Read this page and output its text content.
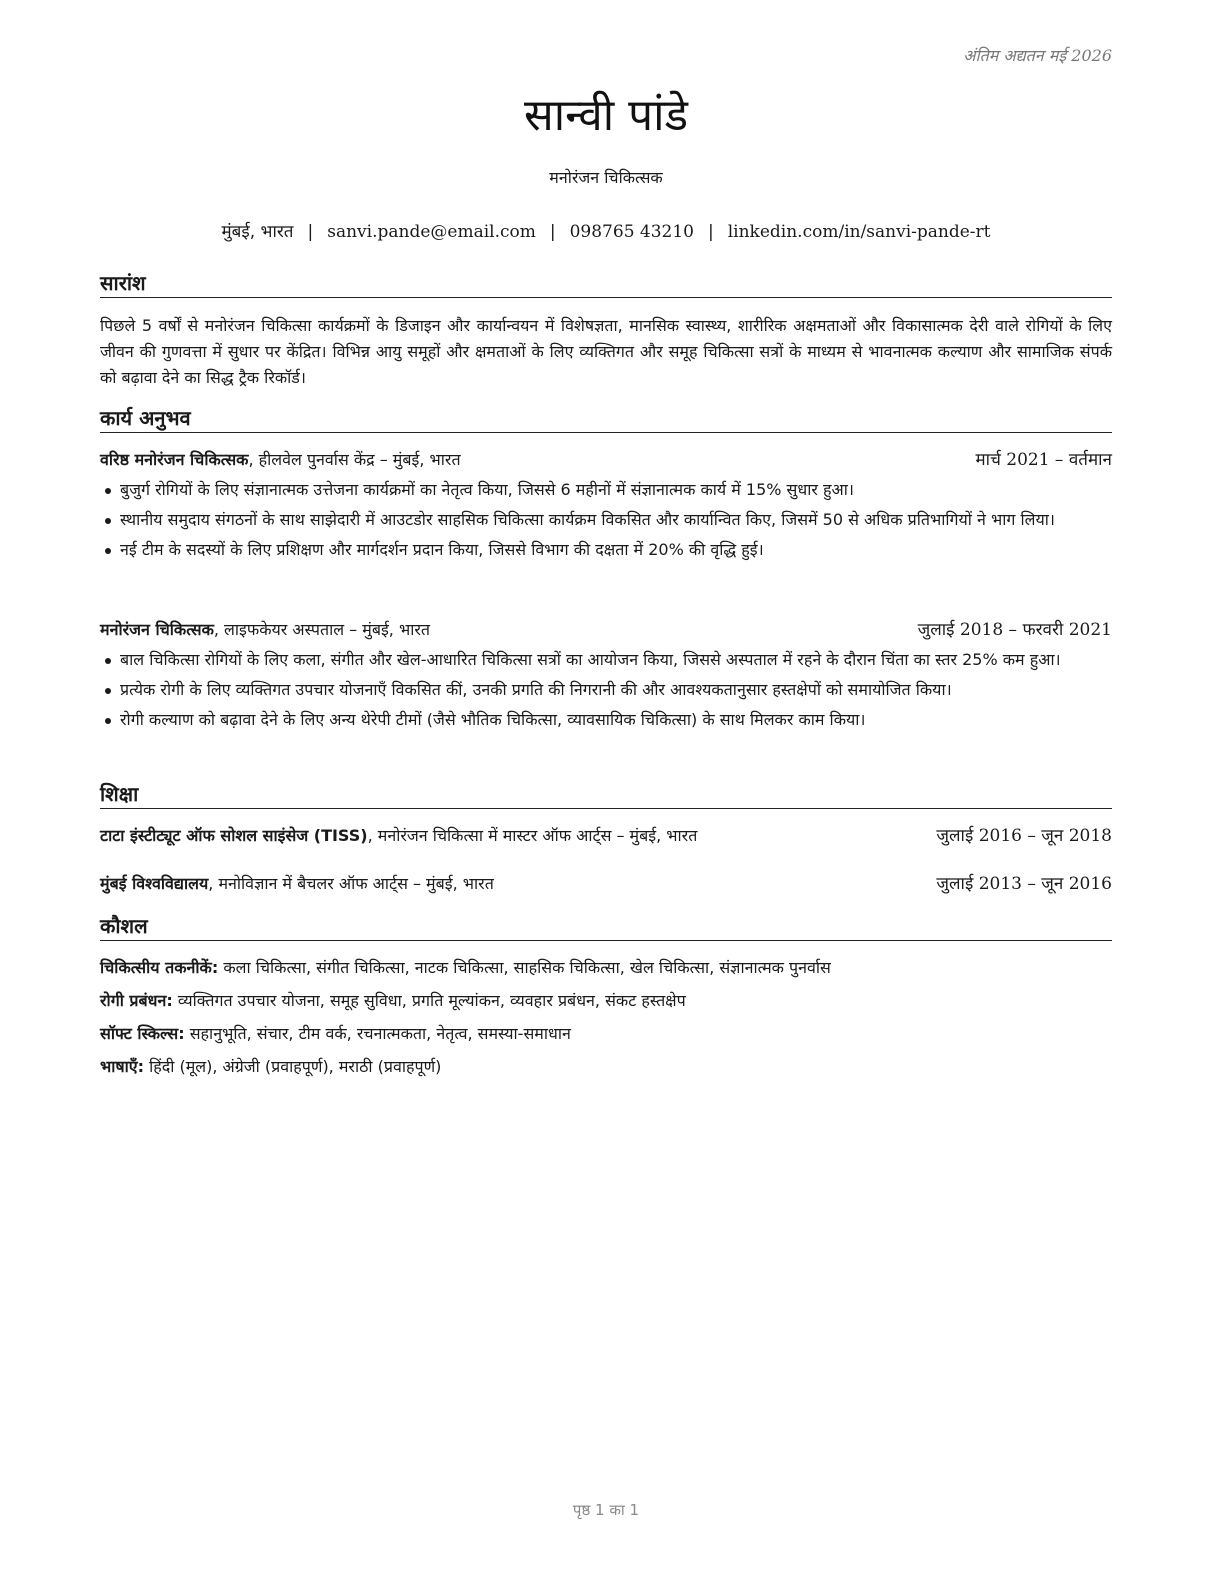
अंतिम अद्यतन मई 2026
सान्वी पांडे
मनोरंजन चिकित्सक
मुंबई, भारत | sanvi.pande@email.com | 098765 43210 | linkedin.com/in/sanvi-pande-rt
सारांश
पिछले 5 वर्षों से मनोरंजन चिकित्सा कार्यक्रमों के डिजाइन और कार्यान्वयन में विशेषज्ञता, मानसिक स्वास्थ्य, शारीरिक अक्षमताओं और विकासात्मक देरी वाले रोगियों के लिए जीवन की गुणवत्ता में सुधार पर केंद्रित। विभिन्न आयु समूहों और क्षमताओं के लिए व्यक्तिगत और समूह चिकित्सा सत्रों के माध्यम से भावनात्मक कल्याण और सामाजिक संपर्क को बढ़ावा देने का सिद्ध ट्रैक रिकॉर्ड।
कार्य अनुभव
वरिष्ठ मनोरंजन चिकित्सक, हीलवेल पुनर्वास केंद्र – मुंबई, भारत	मार्च 2021 – वर्तमान
बुजुर्ग रोगियों के लिए संज्ञानात्मक उत्तेजना कार्यक्रमों का नेतृत्व किया, जिससे 6 महीनों में संज्ञानात्मक कार्य में 15% सुधार हुआ।
स्थानीय समुदाय संगठनों के साथ साझेदारी में आउटडोर साहसिक चिकित्सा कार्यक्रम विकसित और कार्यान्वित किए, जिसमें 50 से अधिक प्रतिभागियों ने भाग लिया।
नई टीम के सदस्यों के लिए प्रशिक्षण और मार्गदर्शन प्रदान किया, जिससे विभाग की दक्षता में 20% की वृद्धि हुई।
मनोरंजन चिकित्सक, लाइफकेयर अस्पताल – मुंबई, भारत	जुलाई 2018 – फरवरी 2021
बाल चिकित्सा रोगियों के लिए कला, संगीत और खेल-आधारित चिकित्सा सत्रों का आयोजन किया, जिससे अस्पताल में रहने के दौरान चिंता का स्तर 25% कम हुआ।
प्रत्येक रोगी के लिए व्यक्तिगत उपचार योजनाएँ विकसित कीं, उनकी प्रगति की निगरानी की और आवश्यकतानुसार हस्तक्षेपों को समायोजित किया।
रोगी कल्याण को बढ़ावा देने के लिए अन्य थेरेपी टीमों (जैसे भौतिक चिकित्सा, व्यावसायिक चिकित्सा) के साथ मिलकर काम किया।
शिक्षा
टाटा इंस्टीट्यूट ऑफ सोशल साइंसेज (TISS), मनोरंजन चिकित्सा में मास्टर ऑफ आर्ट्स – मुंबई, भारत	जुलाई 2016 – जून 2018
मुंबई विश्वविद्यालय, मनोविज्ञान में बैचलर ऑफ आर्ट्स – मुंबई, भारत	जुलाई 2013 – जून 2016
कौशल
चिकित्सीय तकनीकें: कला चिकित्सा, संगीत चिकित्सा, नाटक चिकित्सा, साहसिक चिकित्सा, खेल चिकित्सा, संज्ञानात्मक पुनर्वास
रोगी प्रबंधन: व्यक्तिगत उपचार योजना, समूह सुविधा, प्रगति मूल्यांकन, व्यवहार प्रबंधन, संकट हस्तक्षेप
सॉफ्ट स्किल्स: सहानुभूति, संचार, टीम वर्क, रचनात्मकता, नेतृत्व, समस्या-समाधान
भाषाएँ: हिंदी (मूल), अंग्रेजी (प्रवाहपूर्ण), मराठी (प्रवाहपूर्ण)
पृष्ठ 1 का 1
